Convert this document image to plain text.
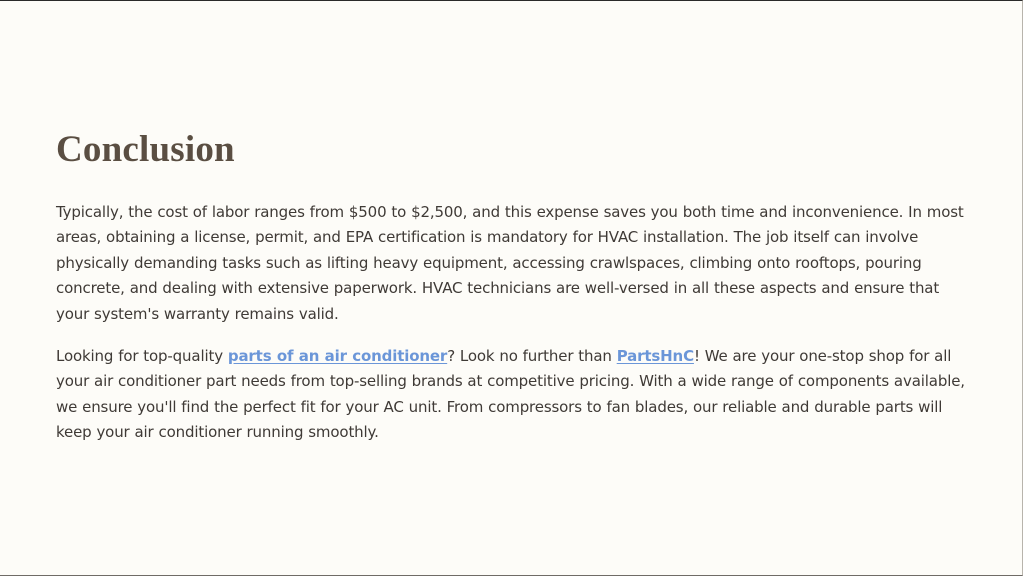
Conclusion

Typically, the cost of labor ranges from $500 to $2,500, and this expense saves you both time and inconvenience. In most areas, obtaining a license, permit, and EPA certification is mandatory for HVAC installation. The job itself can involve physically demanding tasks such as lifting heavy equipment, accessing crawlspaces, climbing onto rooftops, pouring concrete, and dealing with extensive paperwork. HVAC technicians are well-versed in all these aspects and ensure that your system's warranty remains valid.

Looking for top-quality parts of an air conditioner? Look no further than PartsHnC! We are your one-stop shop for all your air conditioner part needs from top-selling brands at competitive pricing. With a wide range of components available, we ensure you'll find the perfect fit for your AC unit. From compressors to fan blades, our reliable and durable parts will keep your air conditioner running smoothly.
